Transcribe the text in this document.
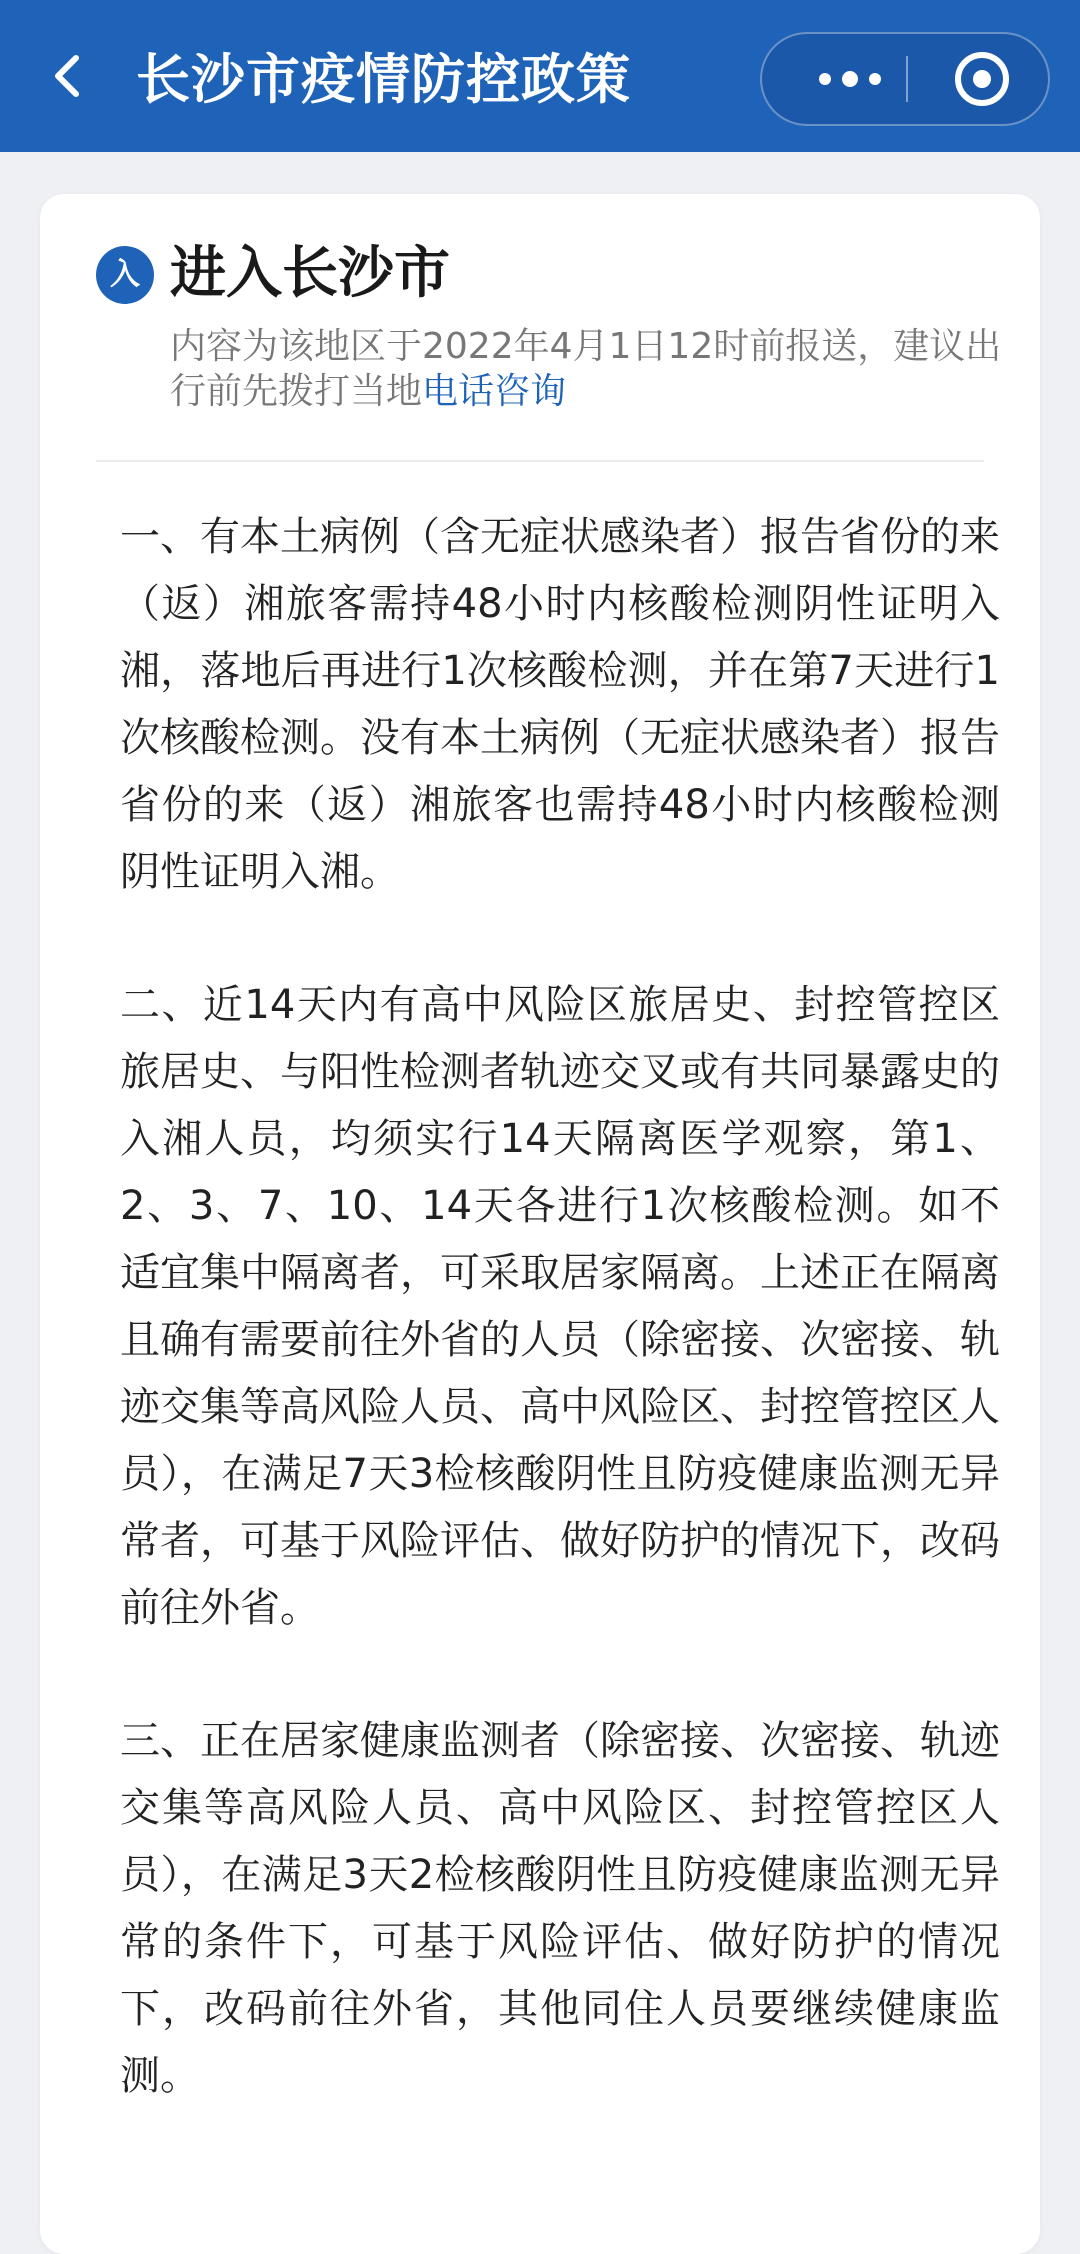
长沙市疫情防控政策
入 进入长沙市
内容为该地区于2022年4月1日12时前报送，建议出行前先拨打当地电话咨询

一、有本土病例（含无症状感染者）报告省份的来（返）湘旅客需持48小时内核酸检测阴性证明入湘，落地后再进行1次核酸检测，并在第7天进行1次核酸检测。没有本土病例（无症状感染者）报告省份的来（返）湘旅客也需持48小时内核酸检测阴性证明入湘。

二、近14天内有高中风险区旅居史、封控管控区旅居史、与阳性检测者轨迹交叉或有共同暴露史的入湘人员，均须实行14天隔离医学观察，第1、2、3、7、10、14天各进行1次核酸检测。如不适宜集中隔离者，可采取居家隔离。上述正在隔离且确有需要前往外省的人员（除密接、次密接、轨迹交集等高风险人员、高中风险区、封控管控区人员），在满足7天3检核酸阴性且防疫健康监测无异常者，可基于风险评估、做好防护的情况下，改码前往外省。

三、正在居家健康监测者（除密接、次密接、轨迹交集等高风险人员、高中风险区、封控管控区人员），在满足3天2检核酸阴性且防疫健康监测无异常的条件下，可基于风险评估、做好防护的情况下，改码前往外省，其他同住人员要继续健康监测。
